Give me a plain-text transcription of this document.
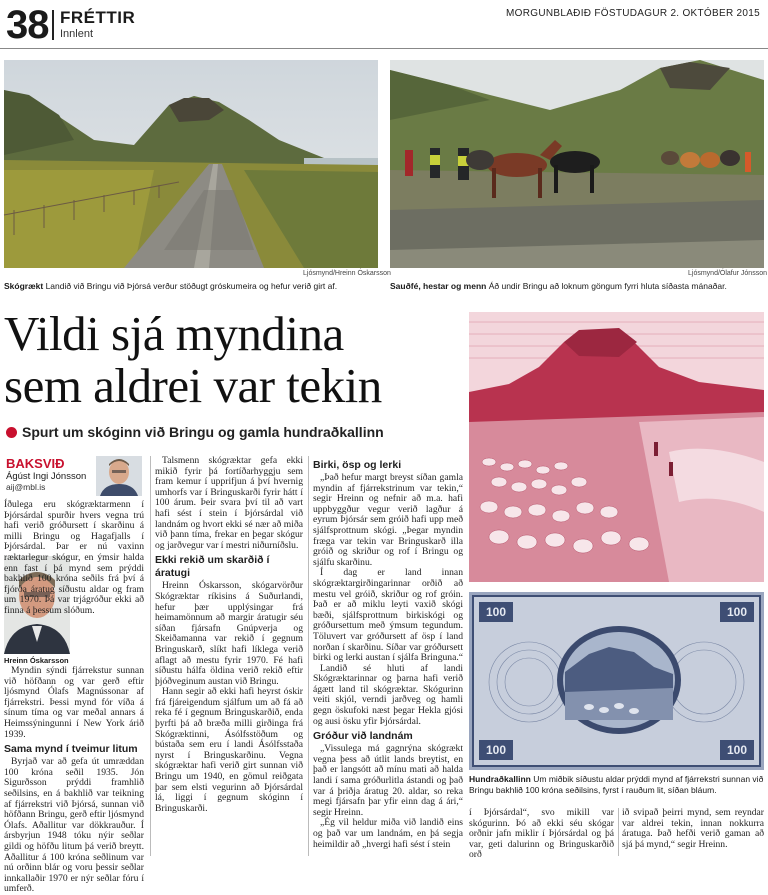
38 FRÉTTIR
Innlent
MORGUNBLAÐIÐ FÖSTUDAGUR 2. OKTÓBER 2015
Ljósmynd/Hreinn Óskarsson
Skógrækt Landið við Bringu við Þjórsá verður stöðugt gróskumeira og hefur verið girt af.
Ljósmynd/Ólafur Jónsson
Sauðfé, hestar og menn Áð undir Bringu að loknum göngum fyrri hluta síðasta mánaðar.
Vildi sjá myndina
sem aldrei var tekin
Spurt um skóginn við Bringu og gamla hundraðkallinn
BAKSVIÐ
Ágúst Ingi Jónsson
aij@mbl.is
Hreinn Óskarsson

Íðulega eru skógræktarmenn í Þjórsárdal spurðir hvers vegna trú hafi verið gróðursett í skarðinu á milli Bringu og Hagafjalls í Þjórsárdal. Þar er nú vaxinn ræktarlegur skógur, en ýmsir halda enn fast í þá mynd sem prýddi bakhlið 100 króna seðils frá því á fjórða áratug síðustu aldar og fram um 1970. Þá var trjágróður ekki að finna á þessum slóðum.

Myndin sýndi fjárrekstur sunnan við höfðann og var gerð eftir ljósmynd Ólafs Magnússonar af fjárrekstri. Þessi mynd fór víða á sínum tíma og var meðal annars á Heimssýningunni í New York árið 1939.

Sama mynd í tveimur litum

Byrjað var að gefa út umræddan 100 króna seðil 1935. Jón Sigurðsson prýddi framhlið seðilsins, en á bakhlið var teikning af fjárrekstri við Þjórsá, sunnan við höfðann Bringu, gerð eftir ljósmynd Ólafs. Aðallitur var dökkrauður. Í ársbyrjun 1948 tóku nýir seðlar gildi og höfðu litum þá verið breytt. Aðallitur á 100 króna seðlinum var nú orðinn blár og voru þessir seðlar innkallaðir 1970 er nýr seðlar fóru í umferð.

Talsmenn skógræktar gefa ekki mikið fyrir þá fortíðarhyggju sem fram kemur í upprifjun á því hvernig umhorfs var í Bringuskarði fyrir hátt í 100 árum. Þeir svara því til að vart hafi sést í stein í Þjórsárdal við landnám og hvort ekki sé nær að miða við þann tíma, frekar en þegar skógur og jarðvegur var í mestri niðurníðslu.

Ekki rekið um skarðið í áratugi

Hreinn Óskarsson, skógarvörður Skógræktar ríkisins á Suðurlandi, hefur þær upplýsingar frá heimamönnum að margir áratugir séu síðan fjársafn Gnúpverja og Skeiðamanna var rekið í gegnum Bringuskarð, slíkt hafi líklega verið aflagt að mestu fyrir 1970. Fé hafi síðustu hálfa öldina verið rekið eftir þjóðveginum austan við Bringu.

Hann segir að ekki hafi heyrst óskir frá fjáreigendum sjálfum um að fá að reka fé í gegnum Bringuskarðið, enda þyrfti þá að bræða milli girðinga frá Skógræktinni, Ásólfsstöðum og bústaða sem eru í landi Ásólfsstaða nyrst í Bringuskarðinu. Vegna skógræktar hafi verið girt sunnan við Bringu um 1940, en gömul reiðgata þar sem elsti vegurinn að Þjórsárdal lá, liggi í gegnum skóginn í Bringuskarði.

Birki, ösp og lerki

„Það hefur margt breyst síðan gamla myndin af fjárrekstrinum var tekin,“ segir Hreinn og nefnir að m.a. hafi uppbyggður vegur verið lagður á eyrum Þjórsár sem gróið hafi upp með sjálfsprottnum skógi. „Þegar myndin fræga var tekin var Bringuskarð illa gróið og skriður og rof í Bringu og sjálfu skarðinu.

Í dag er land innan skógræktargirðingarinnar orðið að mestu vel gróið, skriður og rof gróin. Það er að miklu leyti vaxið skógi bæði, sjálfsprottnum birkiskógi og gróðursettum með ýmsum tegundum. Töluvert var gróðursett af ösp í land norðan í skarðinu. Síðar var gróðursett birki og lerki austan í sjálfa Bringuna.“

Landið sé hluti af landi Skógræktarinnar og þarna hafi verið ágætt land til skógræktar. Skógurinn veiti skjól, verndi jarðveg og hamli gegn öskufoki næst þegar Hekla gjósi og ausi ösku yfir Þjórsárdal.

Gróður við landnám

„Vissulega má gagnrýna skógrækt vegna þess að útlit lands breytist, en það er langsótt að mínu mati að halda landi í sama gróðurlitla ástandi og það var á þriðja áratug 20. aldar, so reka megi fjársafn þar yfir einn dag á ári,“ segir Hreinn.

„Ég vil heldur miða við landið eins og það var um landnám, en þá segja heimildir að „hvergi hafi sést í stein

100	100
100	100
Hundraðkallinn Um miðbik síðustu aldar prýddi mynd af fjárrekstri sunnan við Bringu bakhlið 100 króna seðilsins, fyrst í rauðum lit, síðan bláum.

í Þjórsárdal“, svo mikill var skógurinn. Þó að ekki séu skógar orðnir jafn miklir í Þjórsárdal og þá var, geti dalurinn og Bringuskarðið orð

ið svipað þeirri mynd, sem reyndar var aldrei tekin, innan nokkurra áratuga. Það hefði verið gaman að sjá þá mynd,“ segir Hreinn.
